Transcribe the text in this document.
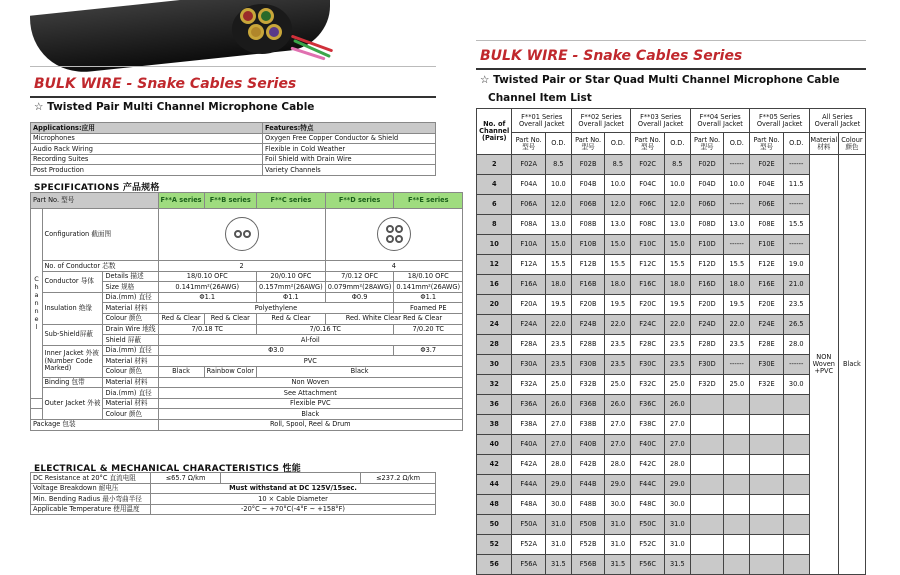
BULK WIRE - Snake Cables Series
☆ Twisted Pair Multi Channel Microphone Cable
Applications:应用	Features:特点
Microphones	Oxygen Free Copper Conductor & Shield
Audio Rack Wiring	Flexible in Cold Weather
Recording Suites	Foil Shield with Drain Wire
Post Production	Variety Channels
SPECIFICATIONS 产品规格
Part No. 型号			F**A series	F**B series	F**C series	F**D series	F**E series
Channel	Configuration 截面图					

	No. of Conductor 芯数		2			4	
	Conductor 导体	Details 描述	18/0.10 OFC		20/0.10 OFC	7/0.12 OFC	18/0.10 OFC
		Size 规格	0.141mm²(26AWG)		0.157mm²(26AWG)	0.079mm²(28AWG)	0.141mm²(26AWG)
	Insulation 绝缘	Dia.(mm) 直径	Φ1.1		Φ1.1	Φ0.9	Φ1.1
		Material 材料	Polyethylene				Foamed PE
		Colour 颜色	Red & Clear	Red & Clear	Red & Clear	Red. White Clear Red & Clear	
	Sub-Shield屏蔽	Drain Wire 地线	7/0.18 TC		7/0.16 TC		7/0.20 TC
		Shield 屏蔽	Al-foil				
	Inner Jacket 外被 (Number Code Marked)	Dia.(mm) 直径	Φ3.0				Φ3.7
		Material 材料	PVC				
		Colour 颜色	Black	Rainbow Color	Black		
	Binding 包带	Material 材料	Non Woven				
	Outer Jacket 外被	Dia.(mm) 直径	See Attachment				
		Material 材料	Flexible PVC				
		Colour 颜色	Black				
Package 包装			Roll, Spool, Reel & Drum				
ELECTRICAL & MECHANICAL CHARACTERISTICS 性能
DC Resistance at 20°C 直流电阻	≤65.7 Ω/km		≤237.2 Ω/km
Voltage Breakdown 耐电压	Must withstand at DC 125V/15sec.		
Min. Bending Radius 最小弯曲半径	10 × Cable Diameter		
Applicable Temperature 使用温度	-20°C ~ +70°C(-4°F ~ +158°F)		
BULK WIRE - Snake Cables Series
☆ Twisted Pair or Star Quad Multi Channel Microphone Cable
Channel Item List
No. of Channel (Pairs)	F**01 Series Overall Jacket		F**02 Series Overall Jacket		F**03 Series Overall Jacket		F**04 Series Overall Jacket		F**05 Series Overall Jacket		All Series Overall Jacket	
	Part No. 型号	O.D.	Part No. 型号	O.D.	Part No. 型号	O.D.	Part No. 型号	O.D.	Part No. 型号	O.D.	Material 材料	Colour 颜色
2	F02A	8.5	F02B	8.5	F02C	8.5	F02D	------	F02E	------	NON Woven +PVC	Black
4	F04A	10.0	F04B	10.0	F04C	10.0	F04D	10.0	F04E	11.5		
6	F06A	12.0	F06B	12.0	F06C	12.0	F06D	------	F06E	------		
8	F08A	13.0	F08B	13.0	F08C	13.0	F08D	13.0	F08E	15.5		
10	F10A	15.0	F10B	15.0	F10C	15.0	F10D	------	F10E	------		
12	F12A	15.5	F12B	15.5	F12C	15.5	F12D	15.5	F12E	19.0		
16	F16A	18.0	F16B	18.0	F16C	18.0	F16D	18.0	F16E	21.0		
20	F20A	19.5	F20B	19.5	F20C	19.5	F20D	19.5	F20E	23.5		
24	F24A	22.0	F24B	22.0	F24C	22.0	F24D	22.0	F24E	26.5		
28	F28A	23.5	F28B	23.5	F28C	23.5	F28D	23.5	F28E	28.0		
30	F30A	23.5	F30B	23.5	F30C	23.5	F30D	------	F30E	------		
32	F32A	25.0	F32B	25.0	F32C	25.0	F32D	25.0	F32E	30.0		
36	F36A	26.0	F36B	26.0	F36C	26.0						
38	F38A	27.0	F38B	27.0	F38C	27.0						
40	F40A	27.0	F40B	27.0	F40C	27.0						
42	F42A	28.0	F42B	28.0	F42C	28.0						
44	F44A	29.0	F44B	29.0	F44C	29.0						
48	F48A	30.0	F48B	30.0	F48C	30.0						
50	F50A	31.0	F50B	31.0	F50C	31.0						
52	F52A	31.0	F52B	31.0	F52C	31.0						
56	F56A	31.5	F56B	31.5	F56C	31.5						
